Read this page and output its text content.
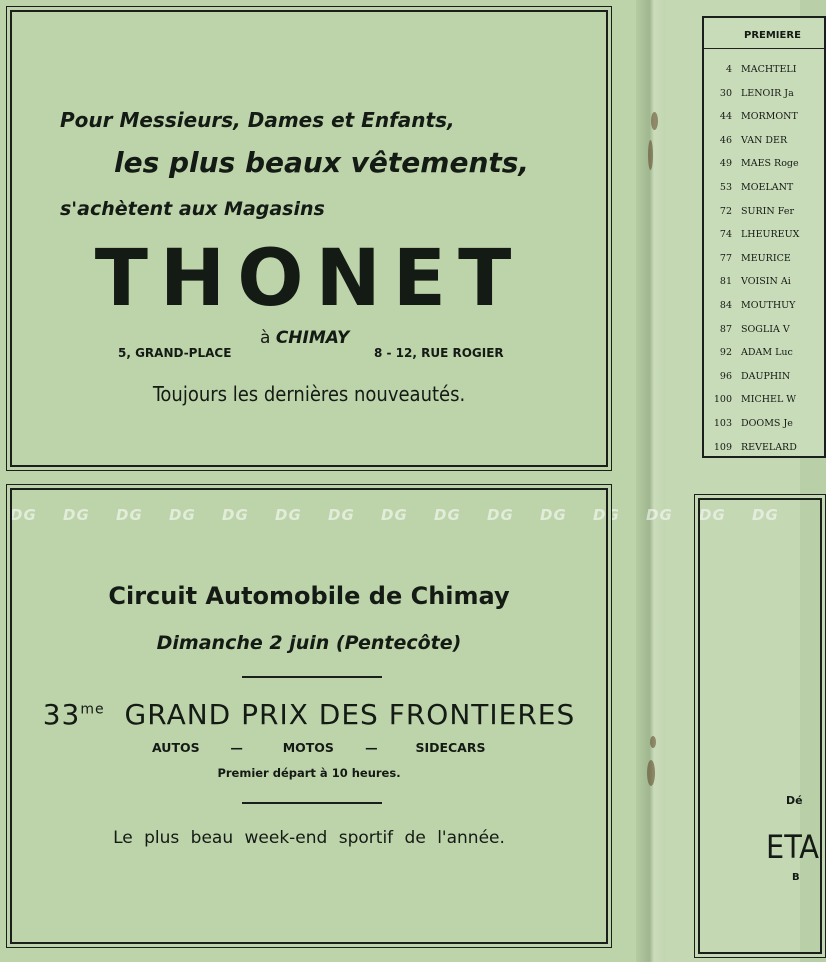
Pour Messieurs, Dames et Enfants,
les plus beaux vêtements,
s'achètent aux Magasins
THONET
à CHIMAY
5, GRAND-PLACE	8 - 12, RUE ROGIER
Toujours les dernières nouveautés.
DG DG DG DG DG DG DG DG DG DG DG DG DG DG DG
Circuit Automobile de Chimay
Dimanche 2 juin (Pentecôte)
$33^{me}$ GRAND PRIX DES FRONTIERES
AUTOS —	MOTOS —	SIDECARS
Premier départ à 10 heures.
Le plus beau week-end sportif de l'année.
PREMIERE
4 MACHTELI
30 LENOIR Ja
44 MORMONT
46 VAN DER
49 MAES Roge
53 MOELANT
72 SURIN Fer
74 LHEUREUX
77 MEURICE
81 VOISIN Ai
84 MOUTHUY
87 SOGLIA V
92 ADAM Luc
96 DAUPHIN
100 MICHEL W
103 DOOMS Je
109 REVELARD
Dé
ETA
B
